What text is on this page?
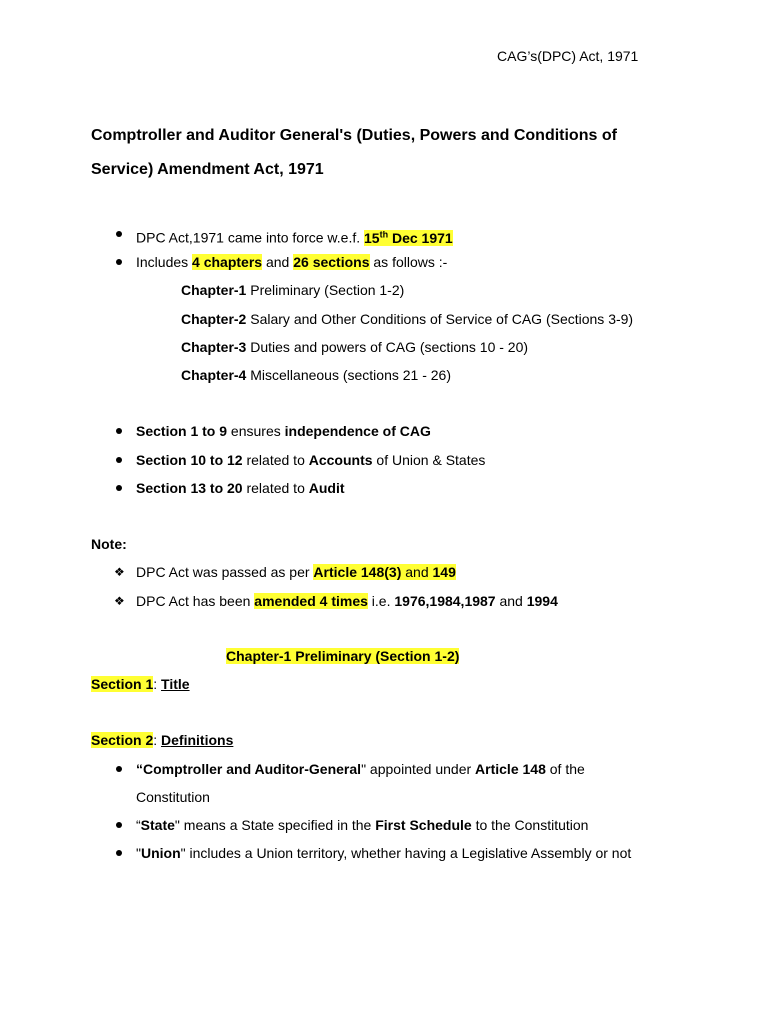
CAG’s(DPC) Act, 1971
Comptroller and Auditor General's (Duties, Powers and Conditions of
Service) Amendment Act, 1971
DPC Act,1971 came into force w.e.f. 15th Dec 1971
Includes 4 chapters and 26 sections as follows :-
Chapter-1 Preliminary (Section 1-2)
Chapter-2 Salary and Other Conditions of Service of CAG (Sections 3-9)
Chapter-3 Duties and powers of CAG (sections 10 - 20)
Chapter-4 Miscellaneous (sections 21 - 26)
Section 1 to 9 ensures independence of CAG
Section 10 to 12 related to Accounts of Union & States
Section 13 to 20 related to Audit
Note:
❖ DPC Act was passed as per Article 148(3) and 149
❖ DPC Act has been amended 4 times i.e. 1976,1984,1987 and 1994
Chapter-1 Preliminary (Section 1-2)
Section 1: Title
Section 2: Definitions
“Comptroller and Auditor-General" appointed under Article 148 of the
Constitution
“State" means a State specified in the First Schedule to the Constitution
"Union" includes a Union territory, whether having a Legislative Assembly or not
